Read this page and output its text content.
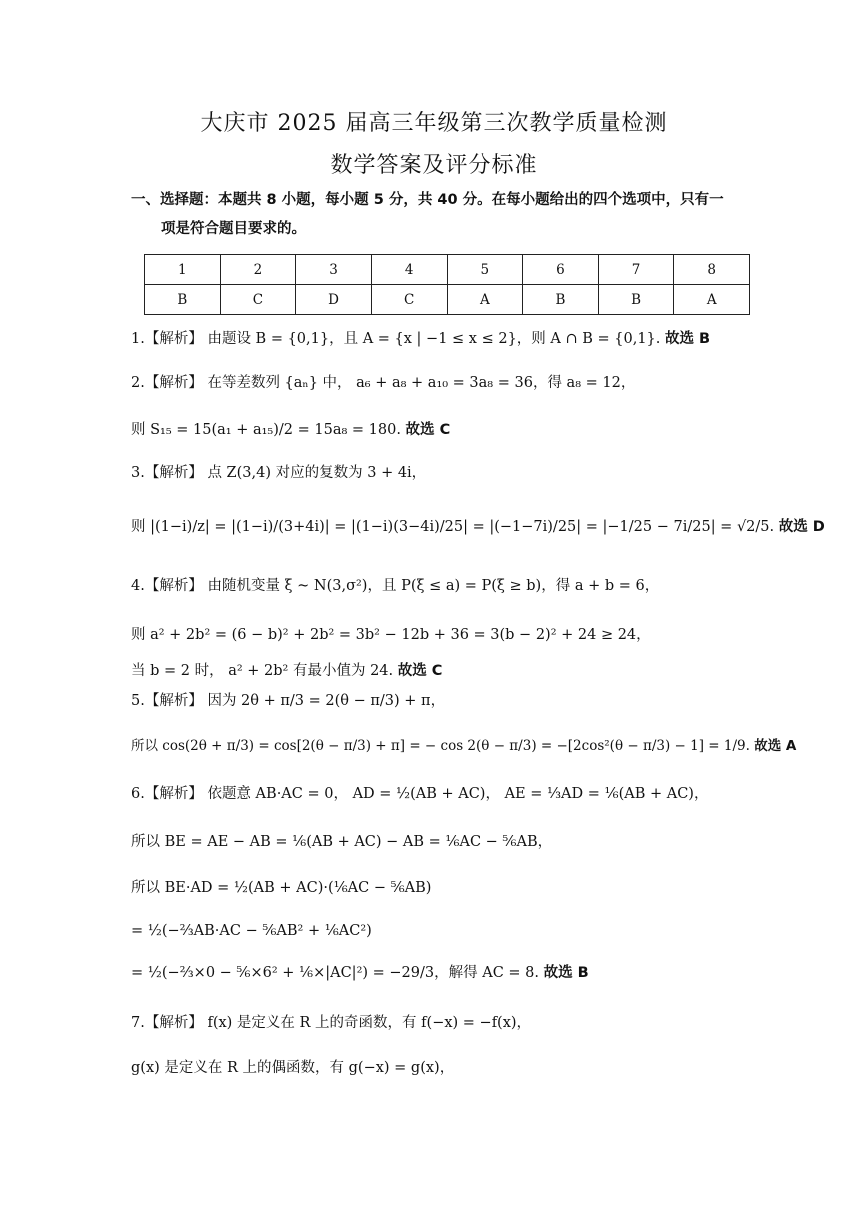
大庆市 2025 届高三年级第三次教学质量检测
数学答案及评分标准
一、选择题：本题共 8 小题，每小题 5 分，共 40 分。在每小题给出的四个选项中，只有一
项是符合题目要求的。
1	2	3	4	5	6	7	8
B	C	D	C	A	B	B	A
1.【解析】 由题设 B = {0,1}，且 A = {x | −1 ≤ x ≤ 2}，则 A ∩ B = {0,1}. 故选 B
2.【解析】 在等差数列 {aₙ} 中， a₆ + a₈ + a₁₀ = 3a₈ = 36，得 a₈ = 12，
则 S₁₅ = 15(a₁ + a₁₅)/2 = 15a₈ = 180. 故选 C
3.【解析】 点 Z(3,4) 对应的复数为 3 + 4i，
则 |(1−i)/z| = |(1−i)/(3+4i)| = |(1−i)(3−4i)/25| = |(−1−7i)/25| = |−1/25 − 7i/25| = √2/5. 故选 D
4.【解析】 由随机变量 ξ ~ N(3,σ²)，且 P(ξ ≤ a) = P(ξ ≥ b)，得 a + b = 6，
则 a² + 2b² = (6 − b)² + 2b² = 3b² − 12b + 36 = 3(b − 2)² + 24 ≥ 24，
当 b = 2 时， a² + 2b² 有最小值为 24. 故选 C
5.【解析】 因为 2θ + π/3 = 2(θ − π/3) + π，
所以 cos(2θ + π/3) = cos[2(θ − π/3) + π] = − cos 2(θ − π/3) = −[2cos²(θ − π/3) − 1] = 1/9. 故选 A
6.【解析】 依题意 AB·AC = 0， AD = ½(AB + AC)， AE = ⅓AD = ⅙(AB + AC)，
所以 BE = AE − AB = ⅙(AB + AC) − AB = ⅙AC − ⅚AB，
所以 BE·AD = ½(AB + AC)·(⅙AC − ⅚AB)
= ½(−⅔AB·AC − ⅚AB² + ⅙AC²)
= ½(−⅔×0 − ⅚×6² + ⅙×|AC|²) = −29/3，解得 AC = 8. 故选 B
7.【解析】 f(x) 是定义在 R 上的奇函数，有 f(−x) = −f(x)，
g(x) 是定义在 R 上的偶函数，有 g(−x) = g(x)，
